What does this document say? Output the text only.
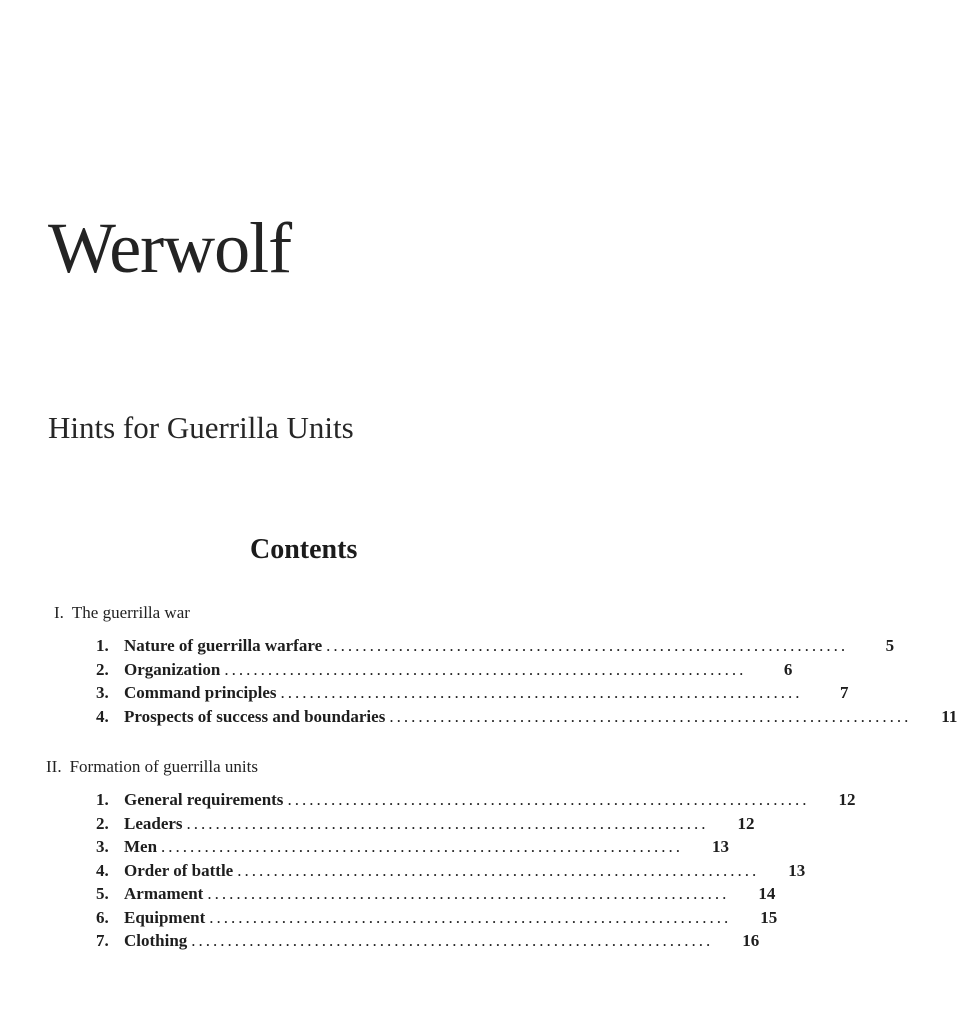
Werwolf
Hints for Guerrilla Units
Contents
I. The guerrilla war
1. Nature of guerrilla warfare ........................................................................	5
2. Organization ........................................................................	6
3. Command principles ........................................................................	7
4. Prospects of success and boundaries ........................................................................	11
II. Formation of guerrilla units
1. General requirements ........................................................................	12
2. Leaders ........................................................................	12
3. Men ........................................................................	13
4. Order of battle ........................................................................	13
5. Armament ........................................................................	14
6. Equipment ........................................................................	15
7. Clothing ........................................................................	16
